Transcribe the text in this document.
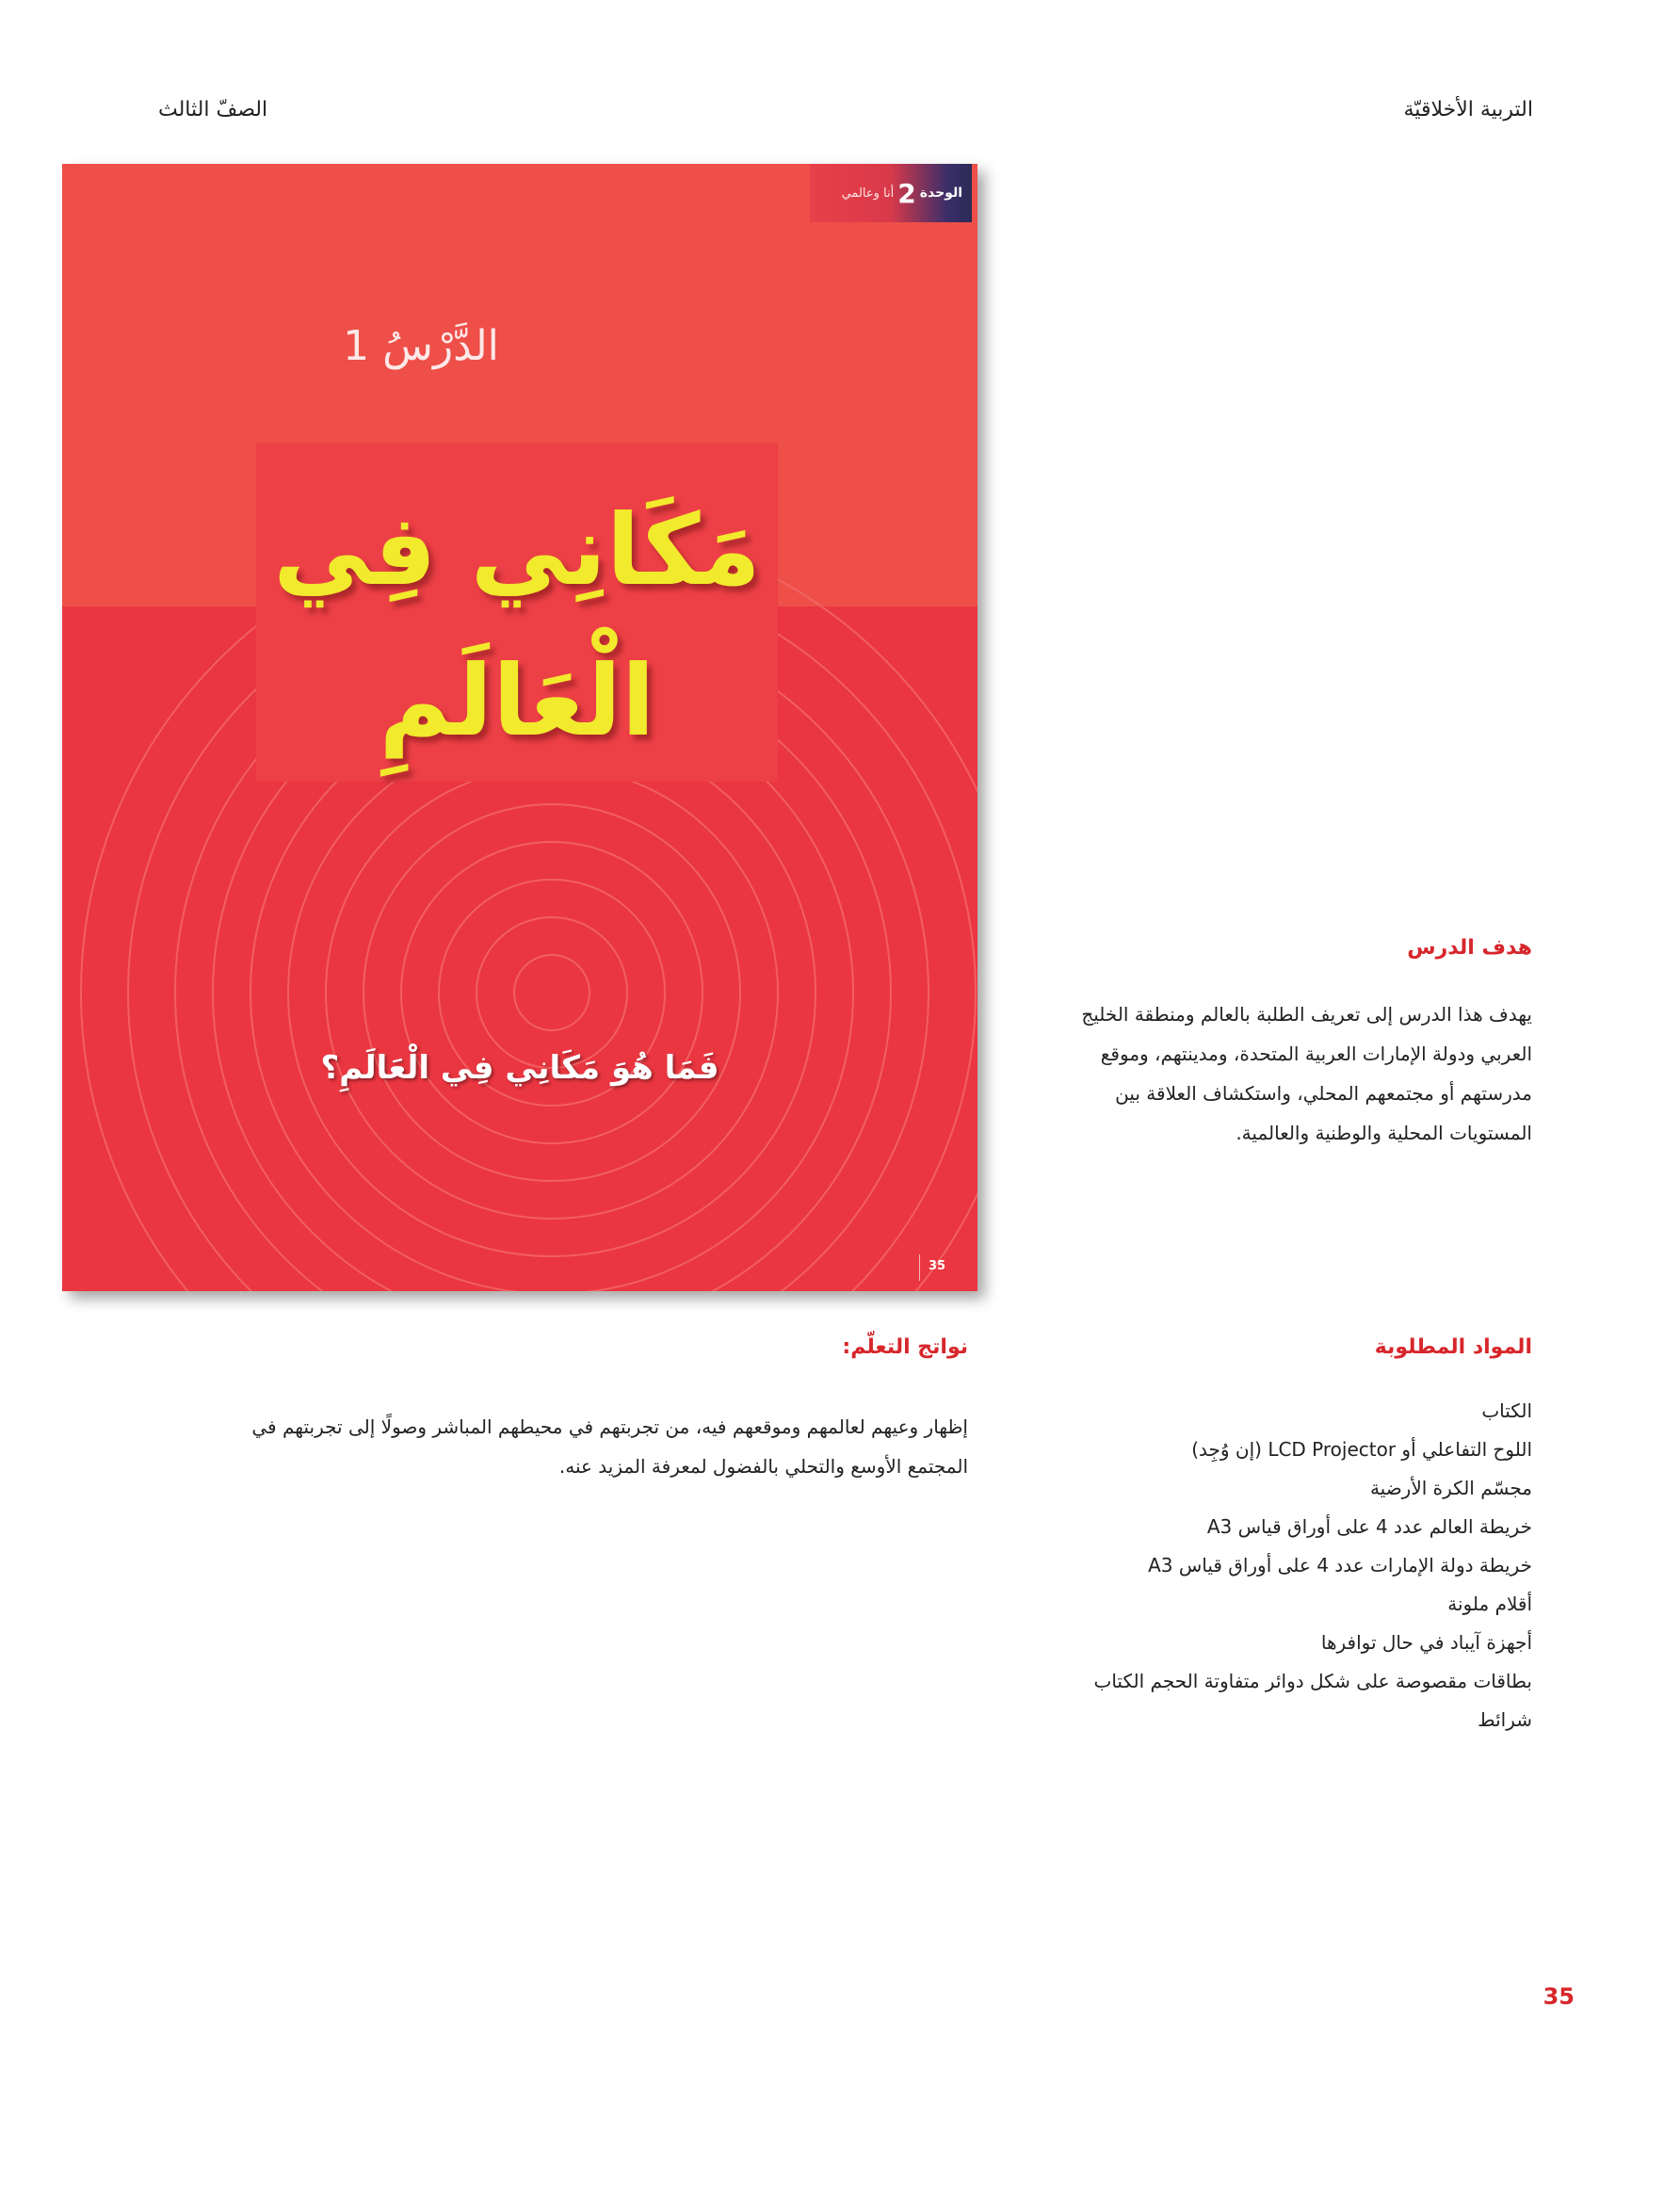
التربية الأخلاقيّة
الصفّ الثالث
الوحدة
2
أنا وعالمي
الدَّرْسُ 1
مَكَانِي فِي
الْعَالَمِ
فَمَا هُوَ مَكَانِي فِي الْعَالَمِ؟
35
هدف الدرس
يهدف هذا الدرس إلى تعريف الطلبة بالعالم ومنطقة الخليج العربي ودولة الإمارات العربية المتحدة، ومدينتهم، وموقع مدرستهم أو مجتمعهم المحلي، واستكشاف العلاقة بين المستويات المحلية والوطنية والعالمية.
المواد المطلوبة
الكتاب
اللوح التفاعلي أو LCD Projector (إن وُجِد)
مجسّم الكرة الأرضية
خريطة العالم عدد 4 على أوراق قياس A3
خريطة دولة الإمارات عدد 4 على أوراق قياس A3
أقلام ملونة
أجهزة آيباد في حال توافرها
بطاقات مقصوصة على شكل دوائر متفاوتة الحجم الكتاب
شرائط
نواتج التعلّم:
إظهار وعيهم لعالمهم وموقعهم فيه، من تجربتهم في محيطهم المباشر وصولًا إلى تجربتهم في المجتمع الأوسع والتحلي بالفضول لمعرفة المزيد عنه.
35
